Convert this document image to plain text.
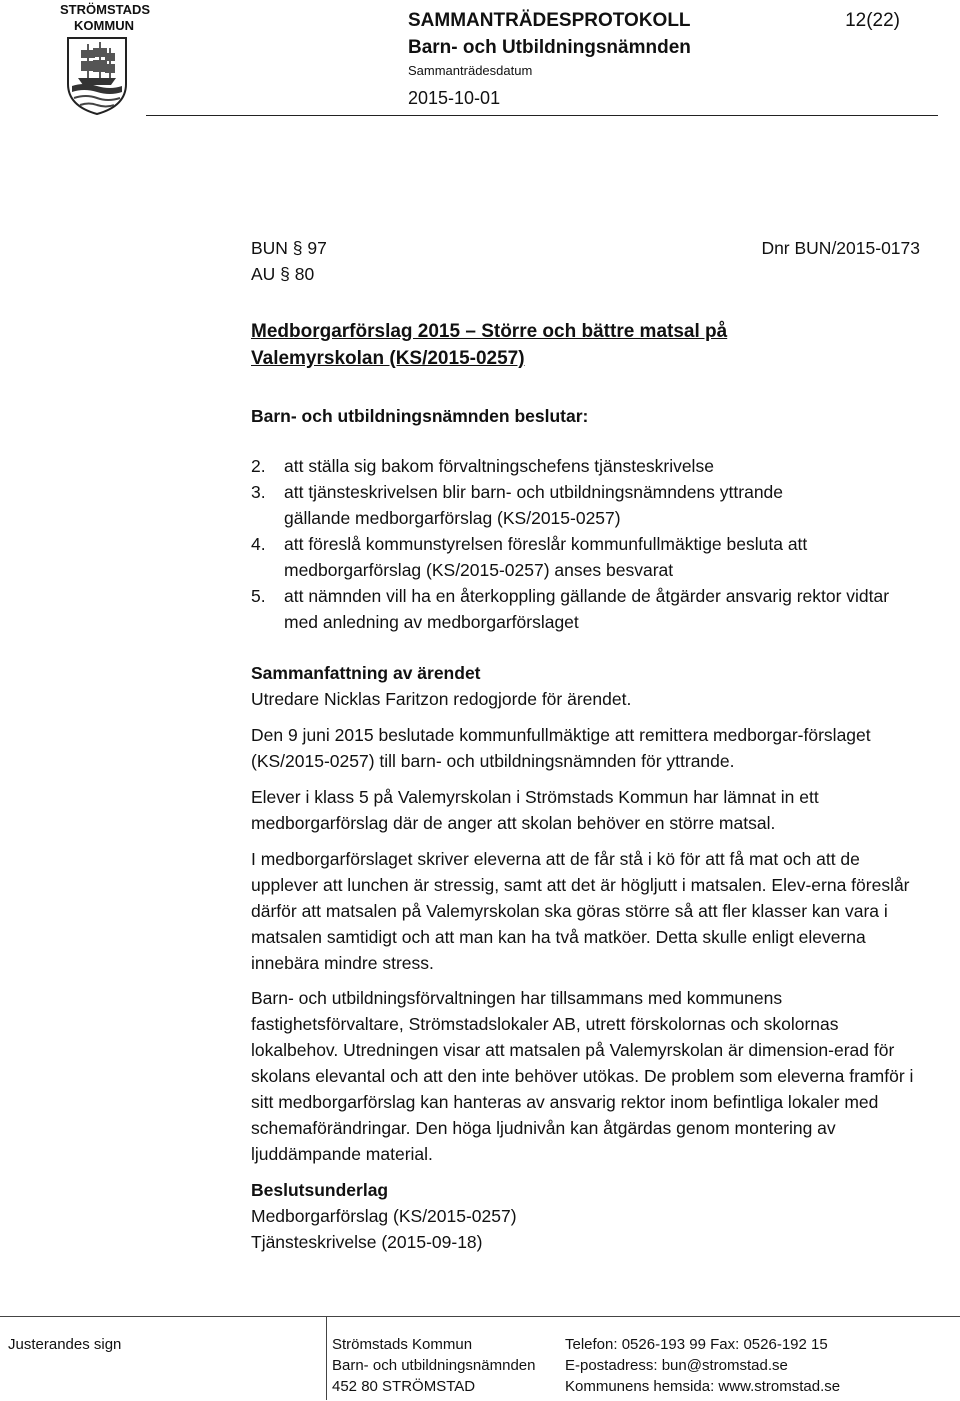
STRÖMSTADS
KOMMUN	SAMMANTRÄDESPROTOKOLL
Barn- och Utbildningsnämnden
Sammanträdesdatum
2015-10-01
12(22)
BUN § 97
AU § 80
Dnr BUN/2015-0173
Medborgarförslag 2015 – Större och bättre matsal på
Valemyrskolan (KS/2015-0257)
Barn- och utbildningsnämnden beslutar:
2.	att ställa sig bakom förvaltningschefens tjänsteskrivelse
3.	att tjänsteskrivelsen blir barn- och utbildningsnämndens yttrande gällande medborgarförslag (KS/2015-0257)
4.	att föreslå kommunstyrelsen föreslår kommunfullmäktige besluta att medborgarförslag (KS/2015-0257) anses besvarat
5.	att nämnden vill ha en återkoppling gällande de åtgärder ansvarig rektor vidtar med anledning av medborgarförslaget
Sammanfattning av ärendet
Utredare Nicklas Faritzon redogjorde för ärendet.
Den 9 juni 2015 beslutade kommunfullmäktige att remittera medborgar-förslaget (KS/2015-0257) till barn- och utbildningsnämnden för yttrande.
Elever i klass 5 på Valemyrskolan i Strömstads Kommun har lämnat in ett medborgarförslag där de anger att skolan behöver en större matsal.
I medborgarförslaget skriver eleverna att de får stå i kö för att få mat och att de upplever att lunchen är stressig, samt att det är högljutt i matsalen. Elev-erna föreslår därför att matsalen på Valemyrskolan ska göras större så att fler klasser kan vara i matsalen samtidigt och att man kan ha två matköer. Detta skulle enligt eleverna innebära mindre stress.
Barn- och utbildningsförvaltningen har tillsammans med kommunens fastighetsförvaltare, Strömstadslokaler AB, utrett förskolornas och skolornas lokalbehov. Utredningen visar att matsalen på Valemyrskolan är dimension-erad för skolans elevantal och att den inte behöver utökas. De problem som eleverna framför i sitt medborgarförslag kan hanteras av ansvarig rektor inom befintliga lokaler med schemaförändringar. Den höga ljudnivån kan åtgärdas genom montering av ljuddämpande material.
Beslutsunderlag
Medborgarförslag (KS/2015-0257)
Tjänsteskrivelse (2015-09-18)
Justerandes sign	Strömstads Kommun
Barn- och utbildningsnämnden
452 80 STRÖMSTAD
Telefon: 0526-193 99 Fax: 0526-192 15
E-postadress: bun@stromstad.se
Kommunens hemsida: www.stromstad.se
